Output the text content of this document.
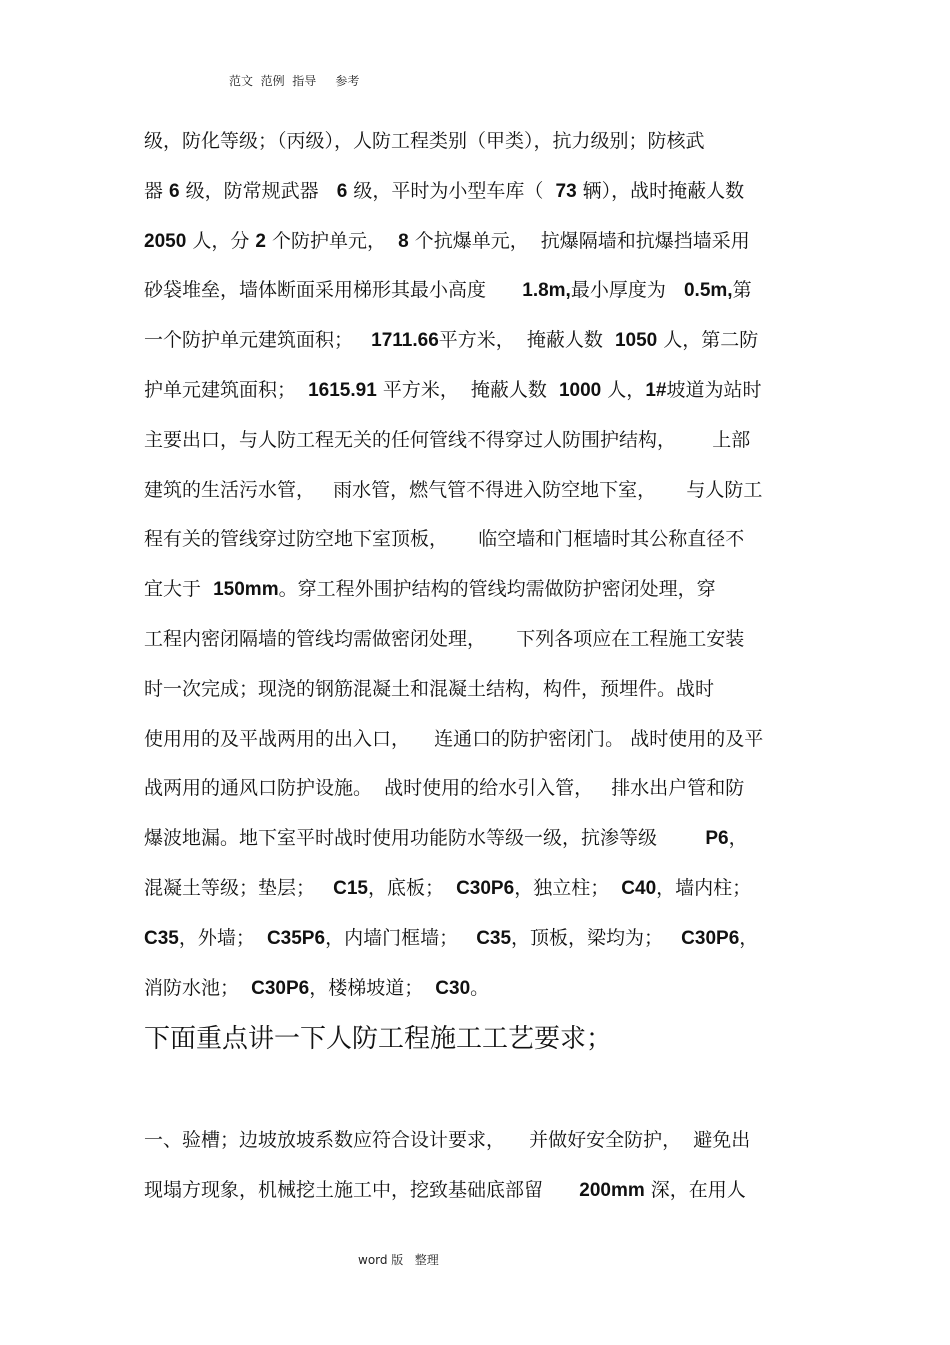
范文  范例  指导     参考
级，防化等级；（丙级），人防工程类别（甲类），抗力级别；防核武
器 6 级，防常规武器   6 级，平时为小型车库（  73 辆），战时掩蔽人数
2050 人，分 2 个防护单元，  8 个抗爆单元，  抗爆隔墙和抗爆挡墙采用
砂袋堆垒，墙体断面采用梯形其最小高度      1.8m,最小厚度为   0.5m,第
一个防护单元建筑面积；   1711.66平方米，  掩蔽人数  1050 人，第二防
护单元建筑面积；  1615.91 平方米，  掩蔽人数  1000 人，1#坡道为站时
主要出口，与人防工程无关的任何管线不得穿过人防围护结构，      上部
建筑的生活污水管，   雨水管，燃气管不得进入防空地下室，     与人防工
程有关的管线穿过防空地下室顶板，     临空墙和门框墙时其公称直径不
宜大于  150mm。穿工程外围护结构的管线均需做防护密闭处理，穿
工程内密闭隔墙的管线均需做密闭处理，     下列各项应在工程施工安装
时一次完成；现浇的钢筋混凝土和混凝土结构，构件，预埋件。战时
使用用的及平战两用的出入口，    连通口的防护密闭门。 战时使用的及平
战两用的通风口防护设施。  战时使用的给水引入管，   排水出户管和防
爆波地漏。地下室平时战时使用功能防水等级一级，抗渗等级        P6，
混凝土等级；垫层；   C15，底板；  C30P6，独立柱；  C40，墙内柱；
C35，外墙；  C35P6，内墙门框墙；   C35，顶板，梁均为；   C30P6，
消防水池；  C30P6，楼梯坡道；  C30。
下面重点讲一下人防工程施工工艺要求；
一、验槽；边坡放坡系数应符合设计要求，    并做好安全防护，  避免出
现塌方现象，机械挖土施工中，挖致基础底部留      200mm 深，在用人
word 版   整理
